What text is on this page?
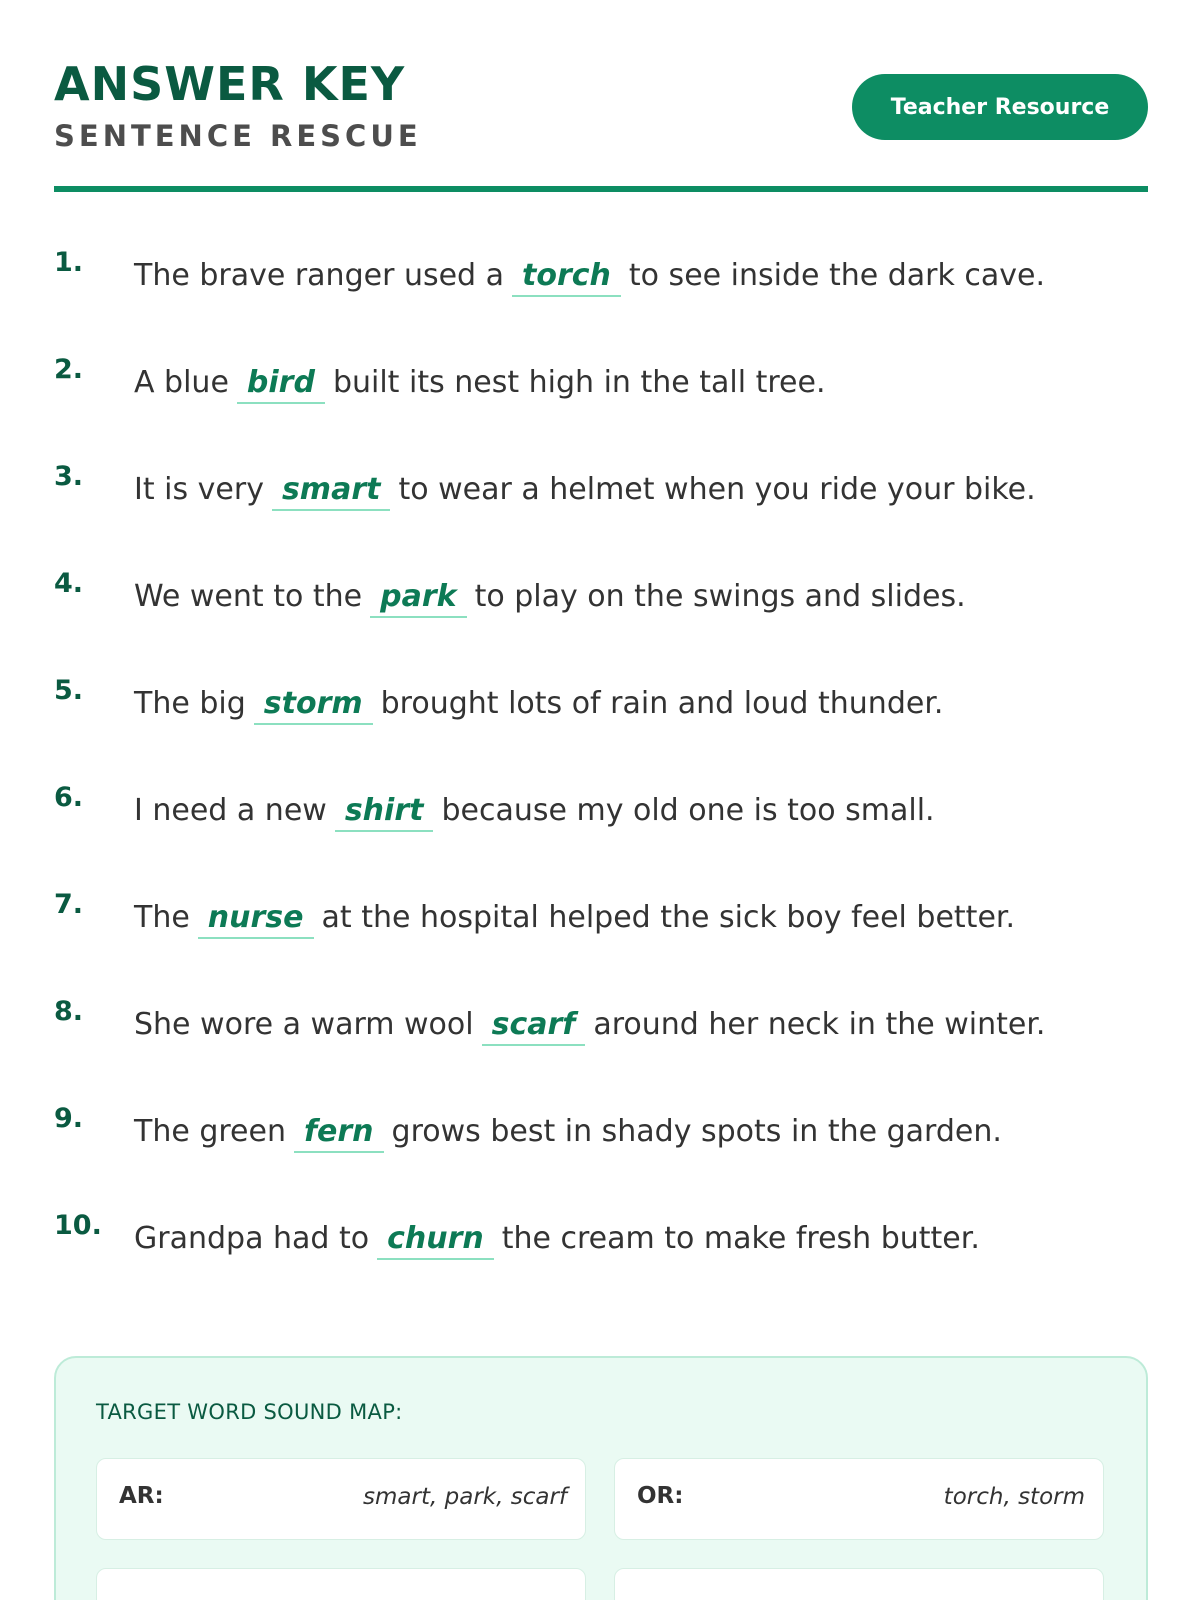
ANSWER KEY
SENTENCE RESCUE
Teacher Resource
1. The brave ranger used a torch to see inside the dark cave.
2. A blue bird built its nest high in the tall tree.
3. It is very smart to wear a helmet when you ride your bike.
4. We went to the park to play on the swings and slides.
5. The big storm brought lots of rain and loud thunder.
6. I need a new shirt because my old one is too small.
7. The nurse at the hospital helped the sick boy feel better.
8. She wore a warm wool scarf around her neck in the winter.
9. The green fern grows best in shady spots in the garden.
10. Grandpa had to churn the cream to make fresh butter.
TARGET WORD SOUND MAP:
AR:	smart, park, scarf	OR:	torch, storm
